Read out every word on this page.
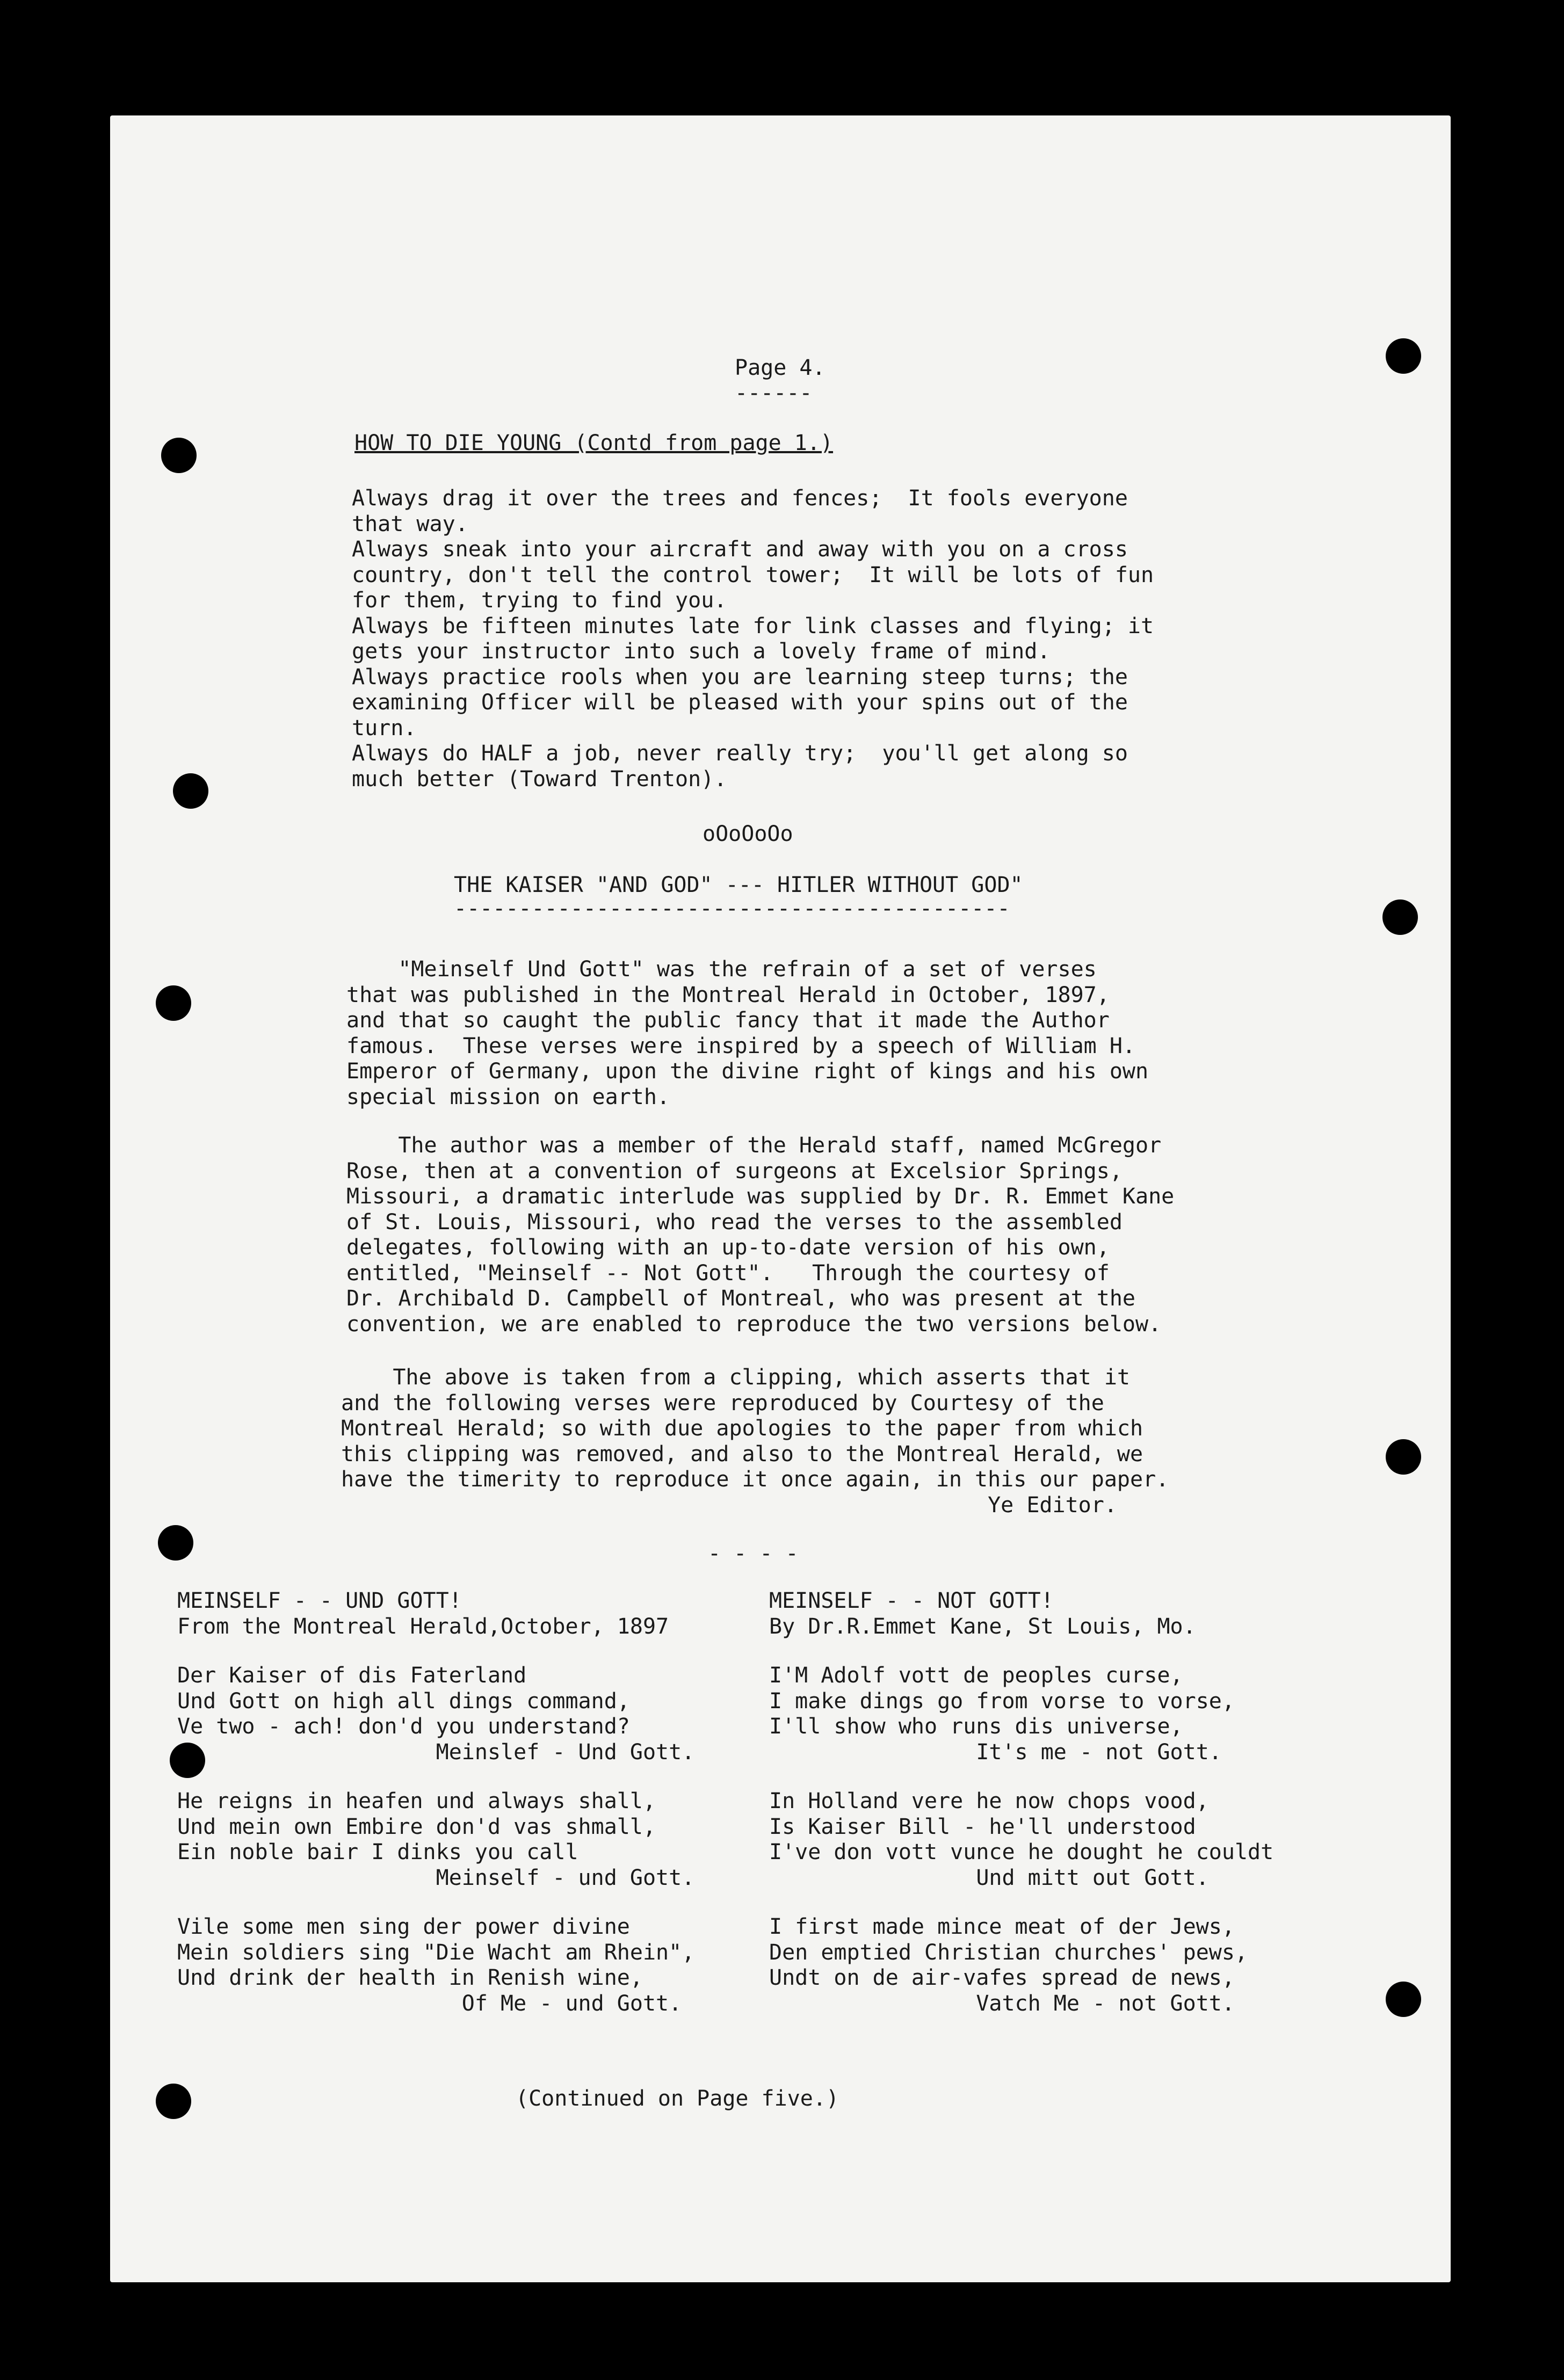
Page 4.
------
HOW TO DIE YOUNG (Contd from page 1.)
Always drag it over the trees and fences;  It fools everyone
that way.
Always sneak into your aircraft and away with you on a cross
country, don't tell the control tower;  It will be lots of fun
for them, trying to find you.
Always be fifteen minutes late for link classes and flying; it
gets your instructor into such a lovely frame of mind.
Always practice rools when you are learning steep turns; the
examining Officer will be pleased with your spins out of the
turn.
Always do HALF a job, never really try;  you'll get along so
much better (Toward Trenton).
oOoOoOo
THE KAISER "AND GOD" --- HITLER WITHOUT GOD"
-------------------------------------------
"Meinself Und Gott" was the refrain of a set of verses
that was published in the Montreal Herald in October, 1897,
and that so caught the public fancy that it made the Author
famous.  These verses were inspired by a speech of William H.
Emperor of Germany, upon the divine right of kings and his own
special mission on earth.
The author was a member of the Herald staff, named McGregor
Rose, then at a convention of surgeons at Excelsior Springs,
Missouri, a dramatic interlude was supplied by Dr. R. Emmet Kane
of St. Louis, Missouri, who read the verses to the assembled
delegates, following with an up-to-date version of his own,
entitled, "Meinself -- Not Gott".   Through the courtesy of
Dr. Archibald D. Campbell of Montreal, who was present at the
convention, we are enabled to reproduce the two versions below.
The above is taken from a clipping, which asserts that it
and the following verses were reproduced by Courtesy of the
Montreal Herald; so with due apologies to the paper from which
this clipping was removed, and also to the Montreal Herald, we
have the timerity to reproduce it once again, in this our paper.
Ye Editor.
- - - -
MEINSELF - - UND GOTT!
From the Montreal Herald,October, 1897
Der Kaiser of dis Faterland
Und Gott on high all dings command,
Ve two - ach! don'd you understand?
Meinslef - Und Gott.
He reigns in heafen und always shall,
Und mein own Embire don'd vas shmall,
Ein noble bair I dinks you call
Meinself - und Gott.
Vile some men sing der power divine
Mein soldiers sing "Die Wacht am Rhein",
Und drink der health in Renish wine,
Of Me - und Gott.
MEINSELF - - NOT GOTT!
By Dr.R.Emmet Kane, St Louis, Mo.
I'M Adolf vott de peoples curse,
I make dings go from vorse to vorse,
I'll show who runs dis universe,
It's me - not Gott.
In Holland vere he now chops vood,
Is Kaiser Bill - he'll understood
I've don vott vunce he dought he couldt
Und mitt out Gott.
I first made mince meat of der Jews,
Den emptied Christian churches' pews,
Undt on de air-vafes spread de news,
Vatch Me - not Gott.
(Continued on Page five.)
